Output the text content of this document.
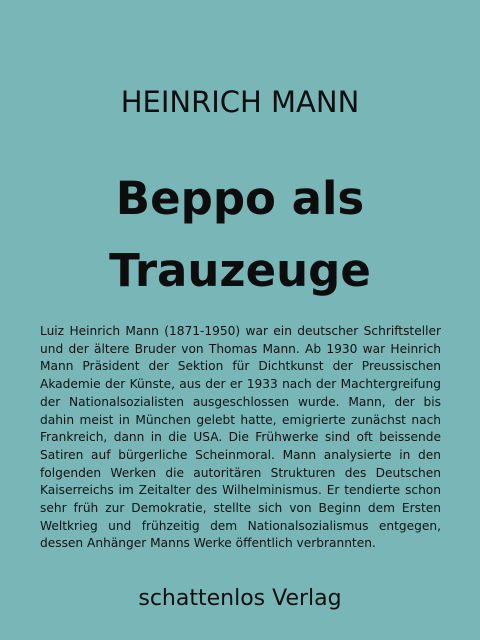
HEINRICH MANN
Beppo als
Trauzeuge
Luiz Heinrich Mann (1871-1950) war ein deutscher Schriftsteller und der ältere Bruder von Thomas Mann. Ab 1930 war Heinrich Mann Präsident der Sektion für Dichtkunst der Preussischen Akademie der Künste, aus der er 1933 nach der Machtergreifung der Nationalsozialisten ausgeschlossen wurde. Mann, der bis dahin meist in München gelebt hatte, emigrierte zunächst nach Frankreich, dann in die USA. Die Frühwerke sind oft beissende Satiren auf bürgerliche Scheinmoral. Mann analysierte in den folgenden Werken die autoritären Strukturen des Deutschen Kaiserreichs im Zeitalter des Wilhelminismus. Er tendierte schon sehr früh zur Demokratie, stellte sich von Beginn dem Ersten Weltkrieg und frühzeitig dem Nationalsozialismus entgegen, dessen Anhänger Manns Werke öffentlich verbrannten.
schattenlos Verlag
